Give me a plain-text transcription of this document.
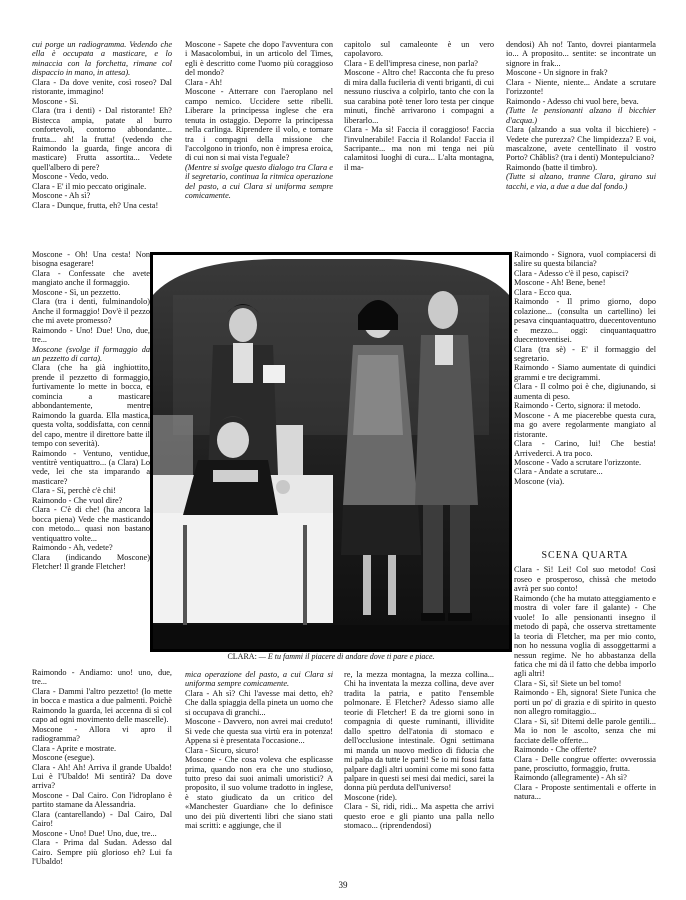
cui porge un radiogramma. Vedendo che ella è occupata a masticare, e lo minaccia con la forchetta, rimane col dispaccio in mano, in attesa).

Clara - Da dove venite, così roseo? Dal ristorante, immagino!

Moscone - Sì.

Clara (tra i denti) - Dal ristorante! Eh? Bistecca ampia, patate al burro confortevoli, contorno abbondante... frutta... ah! la frutta! (vedendo che Raimondo la guarda, finge ancora di masticare) Frutta assortita... Vedete quell'albero di pere?

Moscone - Vedo, vedo.

Clara - E' il mio peccato originale.

Moscone - Ah sì?

Clara - Dunque, frutta, eh? Una cesta!

Moscone - Oh! Una cesta! Non bisogna esagerare!

Clara - Confessate che avete mangiato anche il formaggio.

Moscone - Sì, un pezzetto.

Clara (tra i denti, fulminandolo) Anche il formaggio! Dov'è il pezzo che mi avete promesso?

Raimondo - Uno! Due! Uno, due, tre...

Moscone (svolge il formaggio da un pezzetto di carta).

Clara (che ha già inghiottito, prende il pezzetto di formaggio, furtivamente lo mette in bocca, e comincia a masticare abbondantemente, mentre Raimondo la guarda. Ella mastica, questa volta, soddisfatta, con cenni del capo, mentre il direttore batte il tempo con severità).

Raimondo - Ventuno, ventidue, ventitrè ventiquattro... (a Clara) Lo vede, lei che sta imparando a masticare?

Clara - Sì, perchè c'è chi!

Raimondo - Che vuol dire?

Clara - C'è di che! (ha ancora la bocca piena) Vede che masticando con metodo... quasi non bastano ventiquattro volte...

Raimondo - Ah, vedete?

Clara (indicando Moscone) Fletcher! Il grande Fletcher!

Raimondo - Andiamo: uno! uno, due, tre...

Clara - Dammi l'altro pezzetto! (lo mette in bocca e mastica a due palmenti. Poichè Raimondo la guarda, lei accenna di sì col capo ad ogni movimento delle mascelle).

Moscone - Allora vi apro il radiogramma?

Clara - Aprite e mostrate.

Moscone (esegue).

Clara - Ah! Ah! Arriva il grande Ubaldo! Lui è l'Ubaldo! Mi sentirà? Da dove arriva?

Moscone - Dal Cairo. Con l'idroplano è partito stamane da Alessandria.

Clara (cantarellando) - Dal Cairo, Dal Cairo!

Moscone - Uno! Due! Uno, due, tre...

Clara - Prima dal Sudan. Adesso dal Cairo. Sempre più glorioso eh? Lui fa l'Ubaldo!

Moscone - Sapete che dopo l'avventura con i Masacolombui, in un articolo del Times, egli è descritto come l'uomo più coraggioso del mondo?

Clara - Ah!

Moscone - Atterrare con l'aeroplano nel campo nemico. Uccidere sette ribelli. Liberare la principessa inglese che era tenuta in ostaggio. Deporre la principessa nella carlinga. Riprendere il volo, e tornare tra i compagni della missione che l'accolgono in trionfo, non è impresa eroica, di cui non si mai vista l'eguale?

(Mentre si svolge questo dialogo tra Clara e il segretario, continua la ritmica operazione del pasto, a cui Clara si uniforma sempre comicamente.

capitolo sul camaleonte è un vero capolavoro.

Clara - E dell'impresa cinese, non parla?

Moscone - Altro che! Racconta che fu preso di mira dalla fucileria di venti briganti, di cui nessuno riusciva a colpirlo, tanto che con la sua carabina potè tener loro testa per cinque minuti, finchè arrivarono i compagni a liberarlo...

Clara - Ma sì! Faccia il coraggioso! Faccia l'invulnerabile! Faccia il Rolando! Faccia il Sacripante... ma non mi tenga nei più calamitosi luoghi di cura... L'alta montagna, il ma-

dendosi) Ah no! Tanto, dovrei piantarmela io... A proposito... sentite: se incontrate un signore in frak...

Moscone - Un signore in frak?

Clara - Niente, niente... Andate a scrutare l'orizzonte!

Raimondo - Adesso chi vuol bere, beva.

(Tutte le pensionanti alzano il bicchier d'acqua.)

Clara (alzando a sua volta il bicchiere) - Vedete che purezza? Che limpidezza? E voi, mascalzone, avete centellinato il vostro Porto? Châblis? (tra i denti) Montepulciano?

Raimondo (batte il timbro).

(Tutte si alzano, tranne Clara, girano sui tacchi, e via, a due a due dal fondo.)

Raimondo - Signora, vuol compiacersi di salire su questa bilancia?

Clara - Adesso c'è il peso, capisci?

Moscone - Ah! Bene, bene!

Clara - Ecco qua.

Raimondo - Il primo giorno, dopo colazione... (consulta un cartellino) lei pesava cinquantaquattro, duecentoventuno e mezzo... oggi: cinquantaquattro duecentoventisei.

Clara (tra sè) - E' il formaggio del segretario.

Raimondo - Siamo aumentate di quindici grammi e tre decigrammi.

Clara - Il colmo poi è che, digiunando, si aumenta di peso.

Raimondo - Certo, signora: il metodo.

Moscone - A me piacerebbe questa cura, ma go avere regolarmente mangiato al ristorante.

Clara - Carino, lui! Che bestia! Arrivederci. A tra poco.

Moscone - Vado a scrutare l'orizzonte.

Clara - Andate a scrutare...

Moscone (via).

SCENA QUARTA

Clara - Sì! Lei! Col suo metodo! Così roseo e prosperoso, chissà che metodo avrà per suo conto!

Raimondo (che ha mutato atteggiamento e mostra di voler fare il galante) - Che vuole! Io alle pensionanti insegno il metodo di papà, che osserva strettamente la teoria di Fletcher, ma per mio conto, non ho nessuna voglia di assoggettarmi a nessun regime. Ne ho abbastanza della fatica che mi dà il fatto che debba imporlo agli altri!

Clara - Sì, sì! Siete un bel tomo!

Raimondo - Eh, signora! Siete l'unica che porti un po' di grazia e di spirito in questo non allegro romitaggio...

Clara - Sì, sì! Ditemi delle parole gentili... Ma io non le ascolto, senza che mi facciate delle offerte...

Raimondo - Che offerte?

Clara - Delle congrue offerte: ovverossia pane, prosciutto, formaggio, frutta.

Raimondo (allegramente) - Ah sì?

Clara - Proposte sentimentali e offerte in natura...

CLARA: — E tu fammi il piacere di andare dove ti pare e piace.

mica operazione del pasto, a cui Clara si uniforma sempre comicamente.

Clara - Ah sì? Chi l'avesse mai detto, eh? Che dalla spiaggia della pineta un uomo che si occupava di granchi...

Moscone - Davvero, non avrei mai creduto! Si vede che questa sua virtù era in potenza! Appena si è presentata l'occasione...

Clara - Sicuro, sicuro!

Moscone - Che cosa voleva che esplicasse prima, quando non era che uno studioso, tutto preso dai suoi animali umoristici? A proposito, il suo volume tradotto in inglese, è stato giudicato da un critico del «Manchester Guardian» che lo definisce uno dei più divertenti libri che siano stati mai scritti: e aggiunge, che il

re, la mezza montagna, la mezza collina... Chi ha inventata la mezza collina, deve aver tradita la patria, e patito l'ensemble polmonare. E Fletcher? Adesso siamo alle teorie di Fletcher! E da tre giorni sono in compagnia di queste ruminanti, illividite dallo spettro dell'atonia di stomaco e dell'occlusione intestinale. Ogni settimana mi manda un nuovo medico di fiducia che mi palpa da tutte le parti! Se io mi fossi fatta palpare dagli altri uomini come mi sono fatta palpare in questi sei mesi dai medici, sarei la donna più perduta dell'universo!

Moscone (ride).

Clara - Sì, ridi, ridi... Ma aspetta che arrivi questo eroe e gli pianto una palla nello stomaco... (riprendendosi)

39
